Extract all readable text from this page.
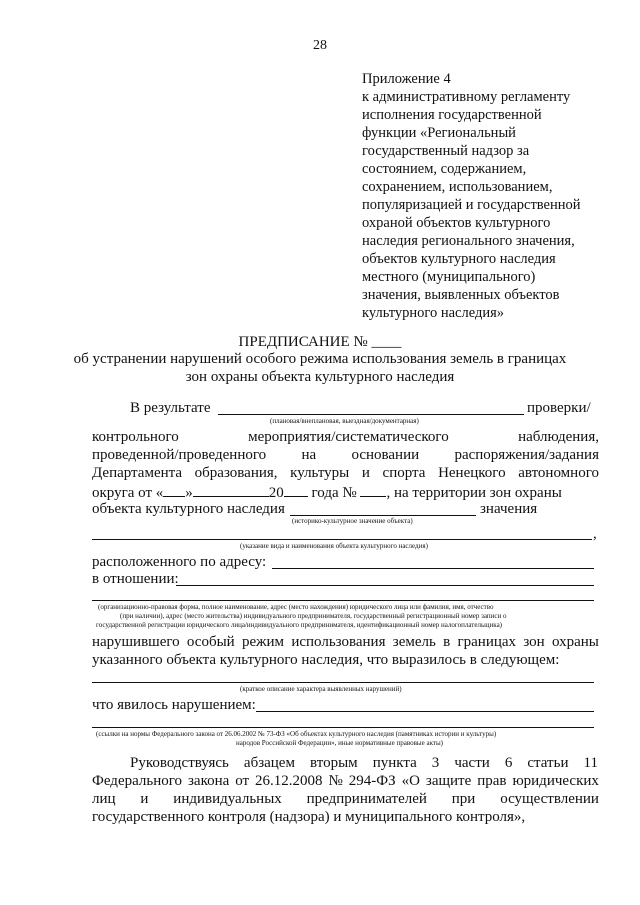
28
Приложение 4
к административному регламенту
исполнения государственной
функции «Региональный
государственный надзор за
состоянием, содержанием,
сохранением, использованием,
популяризацией и государственной
охраной объектов культурного
наследия регионального значения,
объектов культурного наследия
местного (муниципального)
значения, выявленных объектов
культурного наследия»
ПРЕДПИСАНИЕ № ____
об устранении нарушений особого режима использования земель в границах
зон охраны объекта культурного наследия
В результате	проверки/
(плановая/внеплановая, выездная/документарная)
контрольного	мероприятия/систематического	наблюдения,
проведенной/проведенного на основании распоряжения/задания
Департамента образования, культуры и спорта Ненецкого автономного
округа от « »	20 года № , на территории зон охраны
объекта культурного наследия	значения
(историко-культурное значение объекта)
,
(указание вида и наименования объекта культурного наследия)
расположенного по адресу:
в отношении:
(организационно-правовая форма, полное наименование, адрес (место нахождения) юридического лица или фамилия, имя, отчество
(при наличии), адрес (место жительства) индивидуального предпринимателя, государственный регистрационный номер записи о
государственной регистрации юридического лица/индивидуального предпринимателя, идентификационный номер налогоплательщика)
нарушившего особый режим использования земель в границах зон охраны
указанного объекта культурного наследия, что выразилось в следующем:
(краткое описание характера выявленных нарушений)
что явилось нарушением:
(ссылки на нормы Федерального закона от 26.06.2002 № 73-ФЗ «Об объектах культурного наследия (памятниках истории и культуры)
народов Российской Федерации», иные нормативные правовые акты)
Руководствуясь абзацем вторым пункта 3 части 6 статьи 11
Федерального закона от 26.12.2008 № 294-ФЗ «О защите прав юридических
лиц и индивидуальных предпринимателей при осуществлении
государственного контроля (надзора) и муниципального контроля»,
